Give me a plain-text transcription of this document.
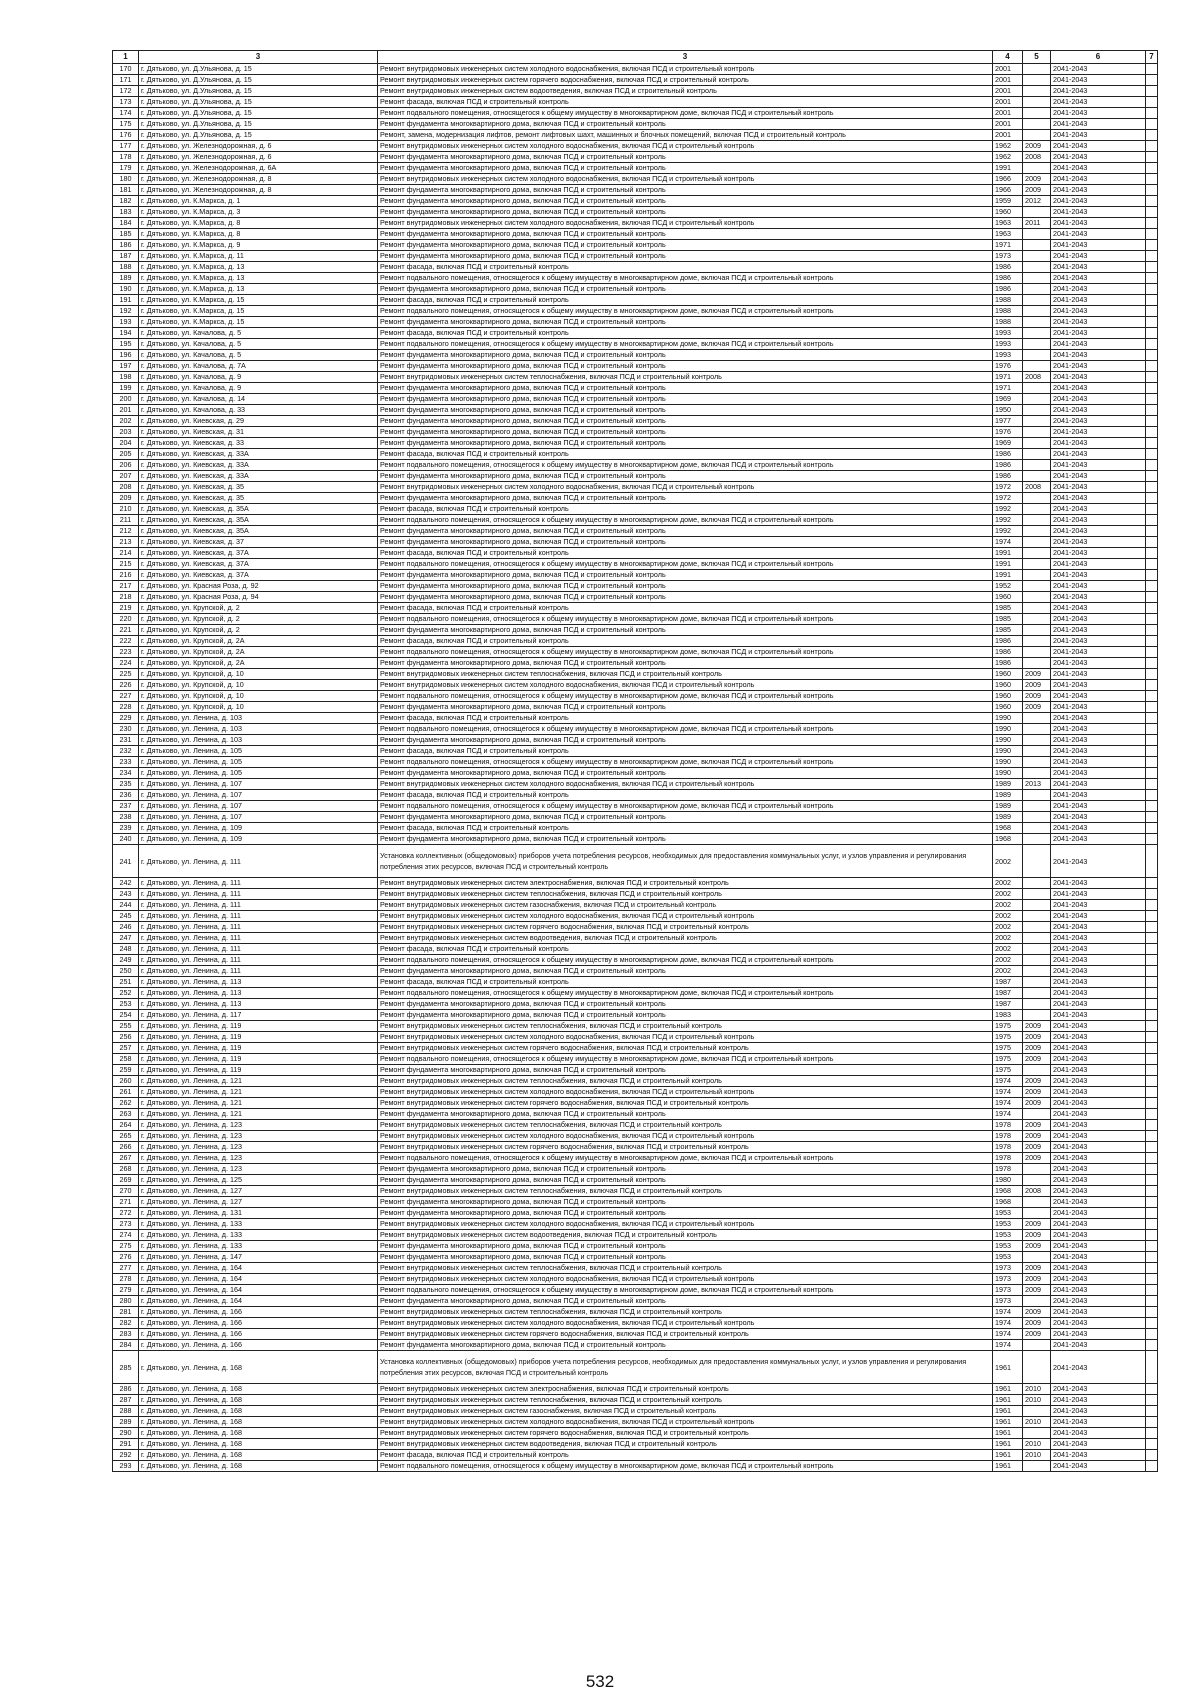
1	3	3	4	5	6	7
170	г. Дятьково, ул. Д.Ульянова, д. 15	Ремонт внутридомовых инженерных систем холодного водоснабжения, включая ПСД и строительный контроль	2001		2041-2043	
171	г. Дятьково, ул. Д.Ульянова, д. 15	Ремонт внутридомовых инженерных систем горячего водоснабжения, включая ПСД и строительный контроль	2001		2041-2043	
172	г. Дятьково, ул. Д.Ульянова, д. 15	Ремонт внутридомовых инженерных систем водоотведения, включая ПСД и строительный контроль	2001		2041-2043	
173	г. Дятьково, ул. Д.Ульянова, д. 15	Ремонт фасада, включая ПСД и строительный контроль	2001		2041-2043	
174	г. Дятьково, ул. Д.Ульянова, д. 15	Ремонт подвального помещения, относящегося к общему имуществу в многоквартирном доме, включая ПСД и строительный контроль	2001		2041-2043	
175	г. Дятьково, ул. Д.Ульянова, д. 15	Ремонт фундамента многоквартирного дома, включая ПСД и строительный контроль	2001		2041-2043	
176	г. Дятьково, ул. Д.Ульянова, д. 15	Ремонт, замена, модернизация лифтов, ремонт лифтовых шахт, машинных и блочных помещений, включая ПСД и строительный контроль	2001		2041-2043	
177	г. Дятьково, ул. Железнодорожная, д. 6	Ремонт внутридомовых инженерных систем холодного водоснабжения, включая ПСД и строительный контроль	1962	2009	2041-2043	
178	г. Дятьково, ул. Железнодорожная, д. 6	Ремонт фундамента многоквартирного дома, включая ПСД и строительный контроль	1962	2008	2041-2043	
179	г. Дятьково, ул. Железнодорожная, д. 6А	Ремонт фундамента многоквартирного дома, включая ПСД и строительный контроль	1991		2041-2043	
180	г. Дятьково, ул. Железнодорожная, д. 8	Ремонт внутридомовых инженерных систем холодного водоснабжения, включая ПСД и строительный контроль	1966	2009	2041-2043	
181	г. Дятьково, ул. Железнодорожная, д. 8	Ремонт фундамента многоквартирного дома, включая ПСД и строительный контроль	1966	2009	2041-2043	
182	г. Дятьково, ул. К.Маркса, д. 1	Ремонт фундамента многоквартирного дома, включая ПСД и строительный контроль	1959	2012	2041-2043	
183	г. Дятьково, ул. К.Маркса, д. 3	Ремонт фундамента многоквартирного дома, включая ПСД и строительный контроль	1960		2041-2043	
184	г. Дятьково, ул. К.Маркса, д. 8	Ремонт внутридомовых инженерных систем холодного водоснабжения, включая ПСД и строительный контроль	1963	2011	2041-2043	
185	г. Дятьково, ул. К.Маркса, д. 8	Ремонт фундамента многоквартирного дома, включая ПСД и строительный контроль	1963		2041-2043	
186	г. Дятьково, ул. К.Маркса, д. 9	Ремонт фундамента многоквартирного дома, включая ПСД и строительный контроль	1971		2041-2043	
187	г. Дятьково, ул. К.Маркса, д. 11	Ремонт фундамента многоквартирного дома, включая ПСД и строительный контроль	1973		2041-2043	
188	г. Дятьково, ул. К.Маркса, д. 13	Ремонт фасада, включая ПСД и строительный контроль	1986		2041-2043	
189	г. Дятьково, ул. К.Маркса, д. 13	Ремонт подвального помещения, относящегося к общему имуществу в многоквартирном доме, включая ПСД и строительный контроль	1986		2041-2043	
190	г. Дятьково, ул. К.Маркса, д. 13	Ремонт фундамента многоквартирного дома, включая ПСД и строительный контроль	1986		2041-2043	
191	г. Дятьково, ул. К.Маркса, д. 15	Ремонт фасада, включая ПСД и строительный контроль	1988		2041-2043	
192	г. Дятьково, ул. К.Маркса, д. 15	Ремонт подвального помещения, относящегося к общему имуществу в многоквартирном доме, включая ПСД и строительный контроль	1988		2041-2043	
193	г. Дятьково, ул. К.Маркса, д. 15	Ремонт фундамента многоквартирного дома, включая ПСД и строительный контроль	1988		2041-2043	
194	г. Дятьково, ул. Качалова, д. 5	Ремонт фасада, включая ПСД и строительный контроль	1993		2041-2043	
195	г. Дятьково, ул. Качалова, д. 5	Ремонт подвального помещения, относящегося к общему имуществу в многоквартирном доме, включая ПСД и строительный контроль	1993		2041-2043	
196	г. Дятьково, ул. Качалова, д. 5	Ремонт фундамента многоквартирного дома, включая ПСД и строительный контроль	1993		2041-2043	
197	г. Дятьково, ул. Качалова, д. 7А	Ремонт фундамента многоквартирного дома, включая ПСД и строительный контроль	1976		2041-2043	
198	г. Дятьково, ул. Качалова, д. 9	Ремонт внутридомовых инженерных систем теплоснабжения, включая ПСД и строительный контроль	1971	2008	2041-2043	
199	г. Дятьково, ул. Качалова, д. 9	Ремонт фундамента многоквартирного дома, включая ПСД и строительный контроль	1971		2041-2043	
200	г. Дятьково, ул. Качалова, д. 14	Ремонт фундамента многоквартирного дома, включая ПСД и строительный контроль	1969		2041-2043	
201	г. Дятьково, ул. Качалова, д. 33	Ремонт фундамента многоквартирного дома, включая ПСД и строительный контроль	1950		2041-2043	
202	г. Дятьково, ул. Киевская, д. 29	Ремонт фундамента многоквартирного дома, включая ПСД и строительный контроль	1977		2041-2043	
203	г. Дятьково, ул. Киевская, д. 31	Ремонт фундамента многоквартирного дома, включая ПСД и строительный контроль	1976		2041-2043	
204	г. Дятьково, ул. Киевская, д. 33	Ремонт фундамента многоквартирного дома, включая ПСД и строительный контроль	1969		2041-2043	
205	г. Дятьково, ул. Киевская, д. 33А	Ремонт фасада, включая ПСД и строительный контроль	1986		2041-2043	
206	г. Дятьково, ул. Киевская, д. 33А	Ремонт подвального помещения, относящегося к общему имуществу в многоквартирном доме, включая ПСД и строительный контроль	1986		2041-2043	
207	г. Дятьково, ул. Киевская, д. 33А	Ремонт фундамента многоквартирного дома, включая ПСД и строительный контроль	1986		2041-2043	
208	г. Дятьково, ул. Киевская, д. 35	Ремонт внутридомовых инженерных систем холодного водоснабжения, включая ПСД и строительный контроль	1972	2008	2041-2043	
209	г. Дятьково, ул. Киевская, д. 35	Ремонт фундамента многоквартирного дома, включая ПСД и строительный контроль	1972		2041-2043	
210	г. Дятьково, ул. Киевская, д. 35А	Ремонт фасада, включая ПСД и строительный контроль	1992		2041-2043	
211	г. Дятьково, ул. Киевская, д. 35А	Ремонт подвального помещения, относящегося к общему имуществу в многоквартирном доме, включая ПСД и строительный контроль	1992		2041-2043	
212	г. Дятьково, ул. Киевская, д. 35А	Ремонт фундамента многоквартирного дома, включая ПСД и строительный контроль	1992		2041-2043	
213	г. Дятьково, ул. Киевская, д. 37	Ремонт фундамента многоквартирного дома, включая ПСД и строительный контроль	1974		2041-2043	
214	г. Дятьково, ул. Киевская, д. 37А	Ремонт фасада, включая ПСД и строительный контроль	1991		2041-2043	
215	г. Дятьково, ул. Киевская, д. 37А	Ремонт подвального помещения, относящегося к общему имуществу в многоквартирном доме, включая ПСД и строительный контроль	1991		2041-2043	
216	г. Дятьково, ул. Киевская, д. 37А	Ремонт фундамента многоквартирного дома, включая ПСД и строительный контроль	1991		2041-2043	
217	г. Дятьково, ул. Красная Роза, д. 92	Ремонт фундамента многоквартирного дома, включая ПСД и строительный контроль	1952		2041-2043	
218	г. Дятьково, ул. Красная Роза, д. 94	Ремонт фундамента многоквартирного дома, включая ПСД и строительный контроль	1960		2041-2043	
219	г. Дятьково, ул. Крупской, д. 2	Ремонт фасада, включая ПСД и строительный контроль	1985		2041-2043	
220	г. Дятьково, ул. Крупской, д. 2	Ремонт подвального помещения, относящегося к общему имуществу в многоквартирном доме, включая ПСД и строительный контроль	1985		2041-2043	
221	г. Дятьково, ул. Крупской, д. 2	Ремонт фундамента многоквартирного дома, включая ПСД и строительный контроль	1985		2041-2043	
222	г. Дятьково, ул. Крупской, д. 2А	Ремонт фасада, включая ПСД и строительный контроль	1986		2041-2043	
223	г. Дятьково, ул. Крупской, д. 2А	Ремонт подвального помещения, относящегося к общему имуществу в многоквартирном доме, включая ПСД и строительный контроль	1986		2041-2043	
224	г. Дятьково, ул. Крупской, д. 2А	Ремонт фундамента многоквартирного дома, включая ПСД и строительный контроль	1986		2041-2043	
225	г. Дятьково, ул. Крупской, д. 10	Ремонт внутридомовых инженерных систем теплоснабжения, включая ПСД и строительный контроль	1960	2009	2041-2043	
226	г. Дятьково, ул. Крупской, д. 10	Ремонт внутридомовых инженерных систем холодного водоснабжения, включая ПСД и строительный контроль	1960	2009	2041-2043	
227	г. Дятьково, ул. Крупской, д. 10	Ремонт подвального помещения, относящегося к общему имуществу в многоквартирном доме, включая ПСД и строительный контроль	1960	2009	2041-2043	
228	г. Дятьково, ул. Крупской, д. 10	Ремонт фундамента многоквартирного дома, включая ПСД и строительный контроль	1960	2009	2041-2043	
229	г. Дятьково, ул. Ленина, д. 103	Ремонт фасада, включая ПСД и строительный контроль	1990		2041-2043	
230	г. Дятьково, ул. Ленина, д. 103	Ремонт подвального помещения, относящегося к общему имуществу в многоквартирном доме, включая ПСД и строительный контроль	1990		2041-2043	
231	г. Дятьково, ул. Ленина, д. 103	Ремонт фундамента многоквартирного дома, включая ПСД и строительный контроль	1990		2041-2043	
232	г. Дятьково, ул. Ленина, д. 105	Ремонт фасада, включая ПСД и строительный контроль	1990		2041-2043	
233	г. Дятьково, ул. Ленина, д. 105	Ремонт подвального помещения, относящегося к общему имуществу в многоквартирном доме, включая ПСД и строительный контроль	1990		2041-2043	
234	г. Дятьково, ул. Ленина, д. 105	Ремонт фундамента многоквартирного дома, включая ПСД и строительный контроль	1990		2041-2043	
235	г. Дятьково, ул. Ленина, д. 107	Ремонт внутридомовых инженерных систем холодного водоснабжения, включая ПСД и строительный контроль	1989	2013	2041-2043	
236	г. Дятьково, ул. Ленина, д. 107	Ремонт фасада, включая ПСД и строительный контроль	1989		2041-2043	
237	г. Дятьково, ул. Ленина, д. 107	Ремонт подвального помещения, относящегося к общему имуществу в многоквартирном доме, включая ПСД и строительный контроль	1989		2041-2043	
238	г. Дятьково, ул. Ленина, д. 107	Ремонт фундамента многоквартирного дома, включая ПСД и строительный контроль	1989		2041-2043	
239	г. Дятьково, ул. Ленина, д. 109	Ремонт фасада, включая ПСД и строительный контроль	1968		2041-2043	
240	г. Дятьково, ул. Ленина, д. 109	Ремонт фундамента многоквартирного дома, включая ПСД и строительный контроль	1968		2041-2043	
241	г. Дятьково, ул. Ленина, д. 111	Установка коллективных (общедомовых) приборов учета потребления ресурсов, необходимых для предоставления коммунальных услуг, и узлов управления и регулирования потребления этих ресурсов, включая ПСД и строительный контроль	2002		2041-2043	
242	г. Дятьково, ул. Ленина, д. 111	Ремонт внутридомовых инженерных систем электроснабжения, включая ПСД и строительный контроль	2002		2041-2043	
243	г. Дятьково, ул. Ленина, д. 111	Ремонт внутридомовых инженерных систем теплоснабжения, включая ПСД и строительный контроль	2002		2041-2043	
244	г. Дятьково, ул. Ленина, д. 111	Ремонт внутридомовых инженерных систем газоснабжения, включая ПСД и строительный контроль	2002		2041-2043	
245	г. Дятьково, ул. Ленина, д. 111	Ремонт внутридомовых инженерных систем холодного водоснабжения, включая ПСД и строительный контроль	2002		2041-2043	
246	г. Дятьково, ул. Ленина, д. 111	Ремонт внутридомовых инженерных систем горячего водоснабжения, включая ПСД и строительный контроль	2002		2041-2043	
247	г. Дятьково, ул. Ленина, д. 111	Ремонт внутридомовых инженерных систем водоотведения, включая ПСД и строительный контроль	2002		2041-2043	
248	г. Дятьково, ул. Ленина, д. 111	Ремонт фасада, включая ПСД и строительный контроль	2002		2041-2043	
249	г. Дятьково, ул. Ленина, д. 111	Ремонт подвального помещения, относящегося к общему имуществу в многоквартирном доме, включая ПСД и строительный контроль	2002		2041-2043	
250	г. Дятьково, ул. Ленина, д. 111	Ремонт фундамента многоквартирного дома, включая ПСД и строительный контроль	2002		2041-2043	
251	г. Дятьково, ул. Ленина, д. 113	Ремонт фасада, включая ПСД и строительный контроль	1987		2041-2043	
252	г. Дятьково, ул. Ленина, д. 113	Ремонт подвального помещения, относящегося к общему имуществу в многоквартирном доме, включая ПСД и строительный контроль	1987		2041-2043	
253	г. Дятьково, ул. Ленина, д. 113	Ремонт фундамента многоквартирного дома, включая ПСД и строительный контроль	1987		2041-2043	
254	г. Дятьково, ул. Ленина, д. 117	Ремонт фундамента многоквартирного дома, включая ПСД и строительный контроль	1983		2041-2043	
255	г. Дятьково, ул. Ленина, д. 119	Ремонт внутридомовых инженерных систем теплоснабжения, включая ПСД и строительный контроль	1975	2009	2041-2043	
256	г. Дятьково, ул. Ленина, д. 119	Ремонт внутридомовых инженерных систем холодного водоснабжения, включая ПСД и строительный контроль	1975	2009	2041-2043	
257	г. Дятьково, ул. Ленина, д. 119	Ремонт внутридомовых инженерных систем горячего водоснабжения, включая ПСД и строительный контроль	1975	2009	2041-2043	
258	г. Дятьково, ул. Ленина, д. 119	Ремонт подвального помещения, относящегося к общему имуществу в многоквартирном доме, включая ПСД и строительный контроль	1975	2009	2041-2043	
259	г. Дятьково, ул. Ленина, д. 119	Ремонт фундамента многоквартирного дома, включая ПСД и строительный контроль	1975		2041-2043	
260	г. Дятьково, ул. Ленина, д. 121	Ремонт внутридомовых инженерных систем теплоснабжения, включая ПСД и строительный контроль	1974	2009	2041-2043	
261	г. Дятьково, ул. Ленина, д. 121	Ремонт внутридомовых инженерных систем холодного водоснабжения, включая ПСД и строительный контроль	1974	2009	2041-2043	
262	г. Дятьково, ул. Ленина, д. 121	Ремонт внутридомовых инженерных систем горячего водоснабжения, включая ПСД и строительный контроль	1974	2009	2041-2043	
263	г. Дятьково, ул. Ленина, д. 121	Ремонт фундамента многоквартирного дома, включая ПСД и строительный контроль	1974		2041-2043	
264	г. Дятьково, ул. Ленина, д. 123	Ремонт внутридомовых инженерных систем теплоснабжения, включая ПСД и строительный контроль	1978	2009	2041-2043	
265	г. Дятьково, ул. Ленина, д. 123	Ремонт внутридомовых инженерных систем холодного водоснабжения, включая ПСД и строительный контроль	1978	2009	2041-2043	
266	г. Дятьково, ул. Ленина, д. 123	Ремонт внутридомовых инженерных систем горячего водоснабжения, включая ПСД и строительный контроль	1978	2009	2041-2043	
267	г. Дятьково, ул. Ленина, д. 123	Ремонт подвального помещения, относящегося к общему имуществу в многоквартирном доме, включая ПСД и строительный контроль	1978	2009	2041-2043	
268	г. Дятьково, ул. Ленина, д. 123	Ремонт фундамента многоквартирного дома, включая ПСД и строительный контроль	1978		2041-2043	
269	г. Дятьково, ул. Ленина, д. 125	Ремонт фундамента многоквартирного дома, включая ПСД и строительный контроль	1980		2041-2043	
270	г. Дятьково, ул. Ленина, д. 127	Ремонт внутридомовых инженерных систем теплоснабжения, включая ПСД и строительный контроль	1968	2008	2041-2043	
271	г. Дятьково, ул. Ленина, д. 127	Ремонт фундамента многоквартирного дома, включая ПСД и строительный контроль	1968		2041-2043	
272	г. Дятьково, ул. Ленина, д. 131	Ремонт фундамента многоквартирного дома, включая ПСД и строительный контроль	1953		2041-2043	
273	г. Дятьково, ул. Ленина, д. 133	Ремонт внутридомовых инженерных систем холодного водоснабжения, включая ПСД и строительный контроль	1953	2009	2041-2043	
274	г. Дятьково, ул. Ленина, д. 133	Ремонт внутридомовых инженерных систем водоотведения, включая ПСД и строительный контроль	1953	2009	2041-2043	
275	г. Дятьково, ул. Ленина, д. 133	Ремонт фундамента многоквартирного дома, включая ПСД и строительный контроль	1953	2009	2041-2043	
276	г. Дятьково, ул. Ленина, д. 147	Ремонт фундамента многоквартирного дома, включая ПСД и строительный контроль	1953		2041-2043	
277	г. Дятьково, ул. Ленина, д. 164	Ремонт внутридомовых инженерных систем теплоснабжения, включая ПСД и строительный контроль	1973	2009	2041-2043	
278	г. Дятьково, ул. Ленина, д. 164	Ремонт внутридомовых инженерных систем холодного водоснабжения, включая ПСД и строительный контроль	1973	2009	2041-2043	
279	г. Дятьково, ул. Ленина, д. 164	Ремонт подвального помещения, относящегося к общему имуществу в многоквартирном доме, включая ПСД и строительный контроль	1973	2009	2041-2043	
280	г. Дятьково, ул. Ленина, д. 164	Ремонт фундамента многоквартирного дома, включая ПСД и строительный контроль	1973		2041-2043	
281	г. Дятьково, ул. Ленина, д. 166	Ремонт внутридомовых инженерных систем теплоснабжения, включая ПСД и строительный контроль	1974	2009	2041-2043	
282	г. Дятьково, ул. Ленина, д. 166	Ремонт внутридомовых инженерных систем холодного водоснабжения, включая ПСД и строительный контроль	1974	2009	2041-2043	
283	г. Дятьково, ул. Ленина, д. 166	Ремонт внутридомовых инженерных систем горячего водоснабжения, включая ПСД и строительный контроль	1974	2009	2041-2043	
284	г. Дятьково, ул. Ленина, д. 166	Ремонт фундамента многоквартирного дома, включая ПСД и строительный контроль	1974		2041-2043	
285	г. Дятьково, ул. Ленина, д. 168	Установка коллективных (общедомовых) приборов учета потребления ресурсов, необходимых для предоставления коммунальных услуг, и узлов управления и регулирования потребления этих ресурсов, включая ПСД и строительный контроль	1961		2041-2043	
286	г. Дятьково, ул. Ленина, д. 168	Ремонт внутридомовых инженерных систем электроснабжения, включая ПСД и строительный контроль	1961	2010	2041-2043	
287	г. Дятьково, ул. Ленина, д. 168	Ремонт внутридомовых инженерных систем теплоснабжения, включая ПСД и строительный контроль	1961	2010	2041-2043	
288	г. Дятьково, ул. Ленина, д. 168	Ремонт внутридомовых инженерных систем газоснабжения, включая ПСД и строительный контроль	1961		2041-2043	
289	г. Дятьково, ул. Ленина, д. 168	Ремонт внутридомовых инженерных систем холодного водоснабжения, включая ПСД и строительный контроль	1961	2010	2041-2043	
290	г. Дятьково, ул. Ленина, д. 168	Ремонт внутридомовых инженерных систем горячего водоснабжения, включая ПСД и строительный контроль	1961		2041-2043	
291	г. Дятьково, ул. Ленина, д. 168	Ремонт внутридомовых инженерных систем водоотведения, включая ПСД и строительный контроль	1961	2010	2041-2043	
292	г. Дятьково, ул. Ленина, д. 168	Ремонт фасада, включая ПСД и строительный контроль	1961	2010	2041-2043	
293	г. Дятьково, ул. Ленина, д. 168	Ремонт подвального помещения, относящегося к общему имуществу в многоквартирном доме, включая ПСД и строительный контроль	1961		2041-2043	
532
